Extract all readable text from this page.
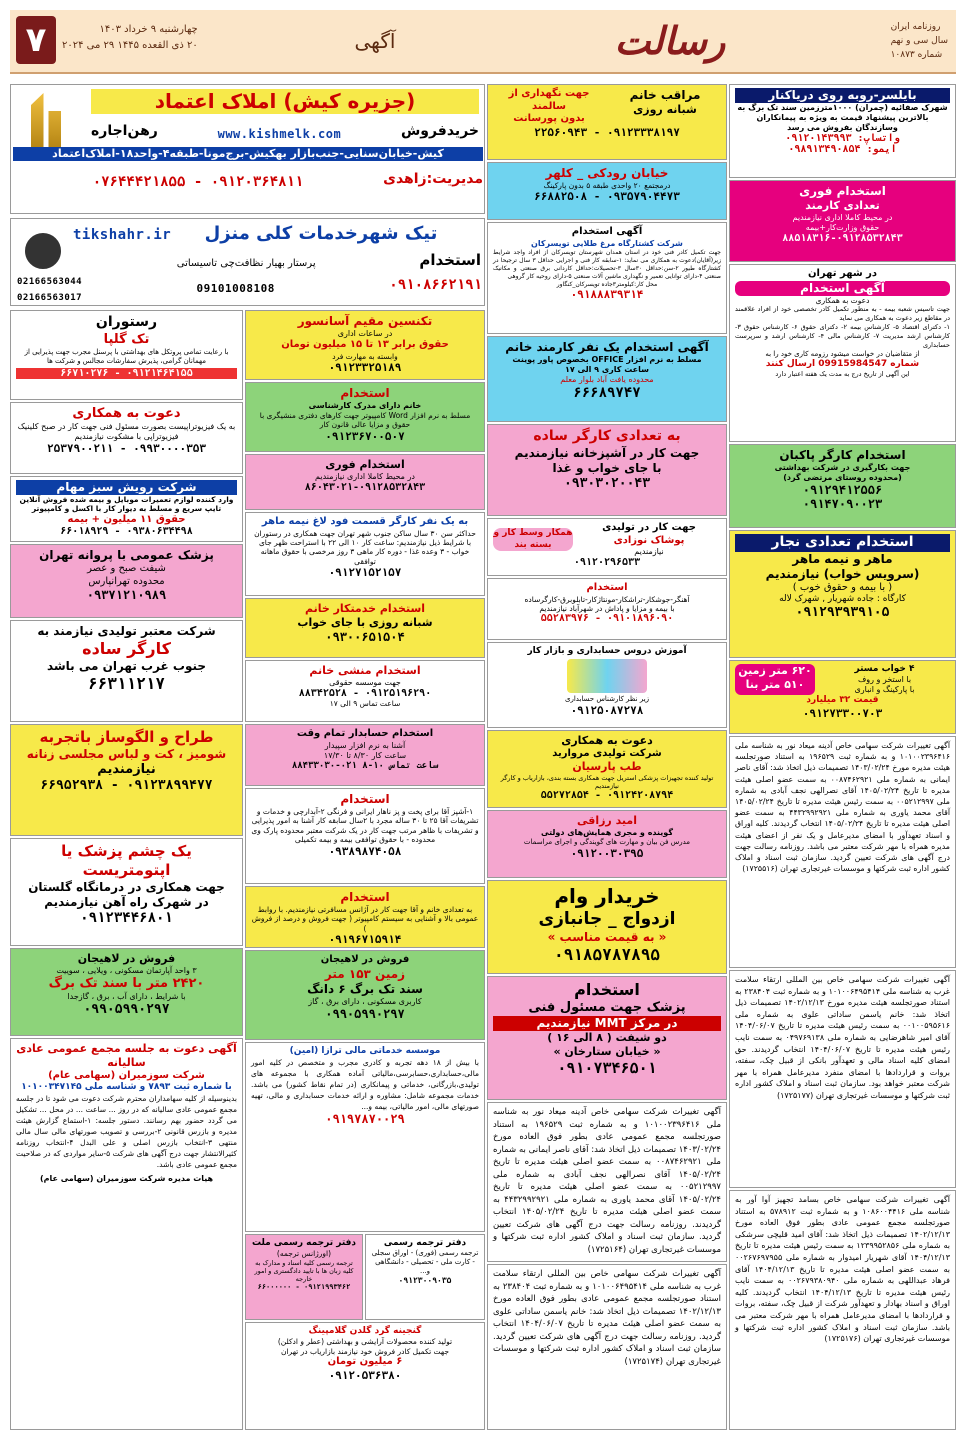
۷	چهارشنبه ۹ خرداد ۱۴۰۳
۲۰ ذی القعده ۱۴۴۵ ۲۹ می ۲۰۲۴	آگهی	رسالت	روزنامه ایران
سال سی و نهم
شماره ۱۰۸۷۳
رستوران
تک گلپا
با رعایت تمامی پروتکل های بهداشتی با پرسنل مجرب جهت پذیرایی از مهمانان گرامی، پذیرش سفارشات مجالس و شرکت ها
۰۹۱۲۱۴۶۴۱۵۵ - ۶۶۷۱۰۲۷۶
دعوت به همکاری
به یک فیزیوتراپیست بصورت مسئول فنی جهت کار در صبح کلینیک فیزیوتراپی با مشکوت نیازمندیم
۰۹۹۳۰۰۰۰۳۵۳ - ۲۵۳۷۹۰۰۲۱۱
شرکت رویش سبز مهام
وارد کننده لوازم تعمیرات موبایل و بیمه شده فروش آنلاین تایپ سریع و مسلط به دیوار کار با اکسل و کامپیوتر
حقوق ۱۱ میلیون + بیمه
۰۹۳۸۰۶۳۴۴۹۸ - ۶۶۰۱۸۹۲۹
پزشک عمومی با پروانه تهران
شیفت صبح و عصر
محدوده تهرانپارس
۰۹۳۷۱۲۱۰۹۸۹
شرکت معتبر تولیدی نیازمند به
کارگر ساده
جنوب غرب تهران می باشد
۶۶۳۱۱۲۱۷
طراح و الگوساز باتجربه
شومیز ، کت و لباس مجلسی زنانه
نیازمندیم
۰۹۱۲۳۸۹۹۴۷۷ - ۶۶۹۵۲۹۳۸
یک چشم پزشک یا اپتومتریست
جهت همکاری در درمانگاه گلستان
در شهرک راه آهن نیازمندیم
۰۹۱۲۳۴۴۶۸۰۱
فروش در لاهیجان
۳ واحد آپارتمان مسکونی ، ویلایی ، سوییت
۲۴۲۰ متر با سند تک برگ
با شرایط ، دارای آب ، برق ، گازجدا
۰۹۹۰۵۹۹۰۲۹۷
آگهی دعوت به جلسه مجمع عمومی عادی سالیانه
شرکت سوزمیران (سهامی عام)
با شماره ثبت ۷۸۹۳ و شناسه ملی ۱۰۱۰۰۳۴۷۱۴۵
بدینوسیله از کلیه سهامداران محترم شرکت دعوت می شود تا در جلسه مجمع عمومی عادی سالیانه که در روز ... ساعت ... در محل ... تشکیل می گردد حضور بهم رسانند. دستور جلسه: ۱-استماع گزارش هیئت مدیره و بازرس قانونی ۲-بررسی و تصویب صورتهای مالی سال مالی منتهی ۳-انتخاب بازرس اصلی و علی البدل ۴-انتخاب روزنامه کثیرالانتشار جهت درج آگهی های شرکت ۵-سایر مواردی که در صلاحیت مجمع عمومی عادی باشد.
هیات مدیره شرکت سوزمیران (سهامی عام)
تکنسین مقیم آسانسور
در ساعات اداری
حقوق برابر ۱۳ تا ۱۵ میلیون تومان
وابسته به مهارت فرد
۰۹۱۲۳۳۲۵۱۸۹
استخدام
خانم دارای مدرک کارشناسی
مسلط به نرم افزار Word کامپیوتر جهت کارهای دفتری منشیگری با حقوق و مزایا عالی قانون کار
۰۹۱۲۳۶۷۰۰۵۰۷
استخدام فوری
در محیط کاملا اداری نیازمندیم
۸۶۰۴۳۰۲۱-۰۹۱۲۸۵۳۲۸۴۳
به یک نفر کارگر قسمت فود لاغ نیمه ماهر
حداکثر سن ۳۰ سال ساکن جنوب شهر تهران جهت همکاری در رستوران با شرایط ذیل نیازمندیم: ساعت کار ۱۰ الی ۲۲ با استراحت ظهر جای خواب - ۳ وعده غذا - دوره کار ماهی ۳ روز مرخصی با حقوق ماهانه توافقی
۰۹۱۲۷۱۵۲۱۵۷
استخدام خدمتکار خانم
شبانه روزی با جای خواب
۰۹۳۰۰۶۵۱۵۰۴
استخدام منشی خانم
جهت موسسه حقوقی
۰۹۱۲۵۱۹۶۲۹۰ - ۸۸۳۴۲۵۲۸
ساعت تماس ۹ الی ۱۷
استخدام حسابدار تمام وقت
آشنا به نرم افزار سپیدار
ساعت کار ۸/۳۰ تا ۱۷/۳۰
ساعت تماس ۱۰-۸ ۰۲۱-۸۸۴۳۳۰۳۰
استخدام
۱-آشپز آقا برای پخت و پز ناهار ایرانی و فرنگی ۲-آبدارچی و خدمات و تشریفات آقا ۲۵ تا ۳۰ ساله مجرد با ۲سال سابقه کار آشنا به امور پذیرایی و تشریفات با ظاهر مرتب جهت کار در یک شرکت معتبر محدوده پارک وی محدوده - با حقوق توافقی بیمه و بیمه تکمیلی
۰۹۳۸۹۸۷۴۰۵۸
استخدام
به تعدادی خانم و آقا جهت کار در آژانس مسافرتی نیازمندیم. با روابط عمومی بالا و آشنایی به سیستم کامپیوتر ( جهت فروش و درصد از فروش )
۰۹۱۹۶۷۱۵۹۱۴
فروش در لاهیجان
زمین ۱۵۳ متر
سند تک برگ ۶ دانگ
کاربری مسکونی ، دارای برق ، گاز
۰۹۹۰۵۹۹۰۲۹۷
موسسه خدماتی مالی ترازا (امین)
با بیش از ۱۸ دهه تجربه و کادری مجرب و متخصص در کلیه امور مالی،حسابداری،حسابرسی،مالیاتی آماده همکاری با مجموعه های تولیدی،بازرگانی، خدماتی و پیمانکاری (در تمام نقاط کشور) می باشد. خدمات مجموعه شامل: مشاوره و ارائه خدمات حسابداری و مالی، تهیه صورتهای مالی، امور مالیاتی، بیمه و...
۰۹۱۹۷۸۷۰۰۲۹
دفتر ترجمه رسمی ملت
(اورژانس ترجمه)
ترجمه رسمی کلیه اسناد و مدارک به کلیه زبان ها با تایید دادگستری و امور خارجه
۰۹۱۲۱۹۹۳۴۶۲ - ۶۶۰۰۰۰۰۰
دفتر ترجمه رسمی
ترجمه رسمی (فوری) - اوراق سجلی - کارت ملی - تحصیلی - دانشگاهی و...
۰۹۱۲۳۰۰۹۰۳۵
گنجینه گرد گلدن گلامپینگ
تولید کننده محصولات آرایشی و بهداشتی (عطر و ادکلن)
جهت تکمیل کادر فروش خود نیازمند بازاریاب در تهران
۶ میلیون تومان
۰۹۱۲۰۵۳۶۳۸۰
(جزیره کیش) املاک اعتماد
خریدفروش
www.kishmelk.com
رهن‌اجاره
کیش-خیابان‌سنایی-جنب‌بازار بهکیش-برج‌مونا-طبقه۴-واحد۱۸-املاک‌اعتماد
مدیریت:زاهدی
۰۹۱۲۰۳۶۴۸۱۱ - ۰۷۶۴۴۴۲۱۸۵۵
تیک شهرخدمات کلی منزل
tikshahr.ir
استخدام
پرستار بهیار نظافت‌چی تاسیساتی
۰۹۱۰۸۶۶۲۱۹۱
09101008108
02166563044
02166563017
مراقب خانم
شبانه روزی
جهت نگهداری از سالمند
بدون پورسانت
۰۹۱۲۳۳۳۸۱۹۷ - ۲۲۵۶۰۹۴۳
خیابان رودکی _ کلهر
درمجتمع ۲۰ واحدی طبقه ۵ بدون پارکینگ
۰۹۳۵۷۹۰۴۴۷۳ - ۶۶۸۸۲۵۰۸
آگهی استخدام
شرکت کشتارگاه مرغ طلایی تویسرکان
جهت تکمیل کادر فنی خود در استان همدان شهرستان تویسرکان از افراد واجد شرایط زیر(آقایان)دعوت به همکاری می نماید: ۱-سابقه کار فنی و اجرایی حداقل ۳ سال ترجیحا در کشتارگاه طیور ۲-سن:حداقل ۳۰سال ۳-تحصیلات:حداقل کاردانی برق صنعتی و مکانیک صنعتی ۴-دارای توانایی تعمیر و نگهداری ماشین آلات صنعتی ۵-دارای روحیه کار گروهی
محل کار:کیلومتر۳جاده تویسرکان_کنگاور
۰۹۱۸۸۸۳۹۳۱۴
آگهی استخدام یک نفر کارمند خانم
مسلط به نرم افزار OFFICE بخصوص پاور پوینت
ساعت کاری ۹ الی ۱۷
محدوده یافت آباد بلوار معلم
۶۶۶۸۹۷۴۷
به تعدادی کارگر ساده
جهت کار در آشپزخانه نیازمندیم
با جای خواب و غذا
۰۹۳۰۳۰۲۰۰۴۳
جهت کار در تولیدی
پوشاک نوزادی
نیازمندیم
همکار وسط کار و بسته بند
۰۹۱۲۰۲۹۶۵۳۳
استخدام
آهنگر-جوشکار-تراشکار-مونتاژکار-تابلوبرق-کارگرساده
با بیمه و مزایا و پاداش در شهرآباد نیازمندیم
۰۹۱۰۱۸۹۶۰۹۰ - ۵۵۲۸۳۹۷۶
آموزش دروس حسابداری و بازار کار
زیر نظر کارشناس حسابداری
۰۹۱۲۵۰۸۷۲۷۸
دعوت به همکاری
شرکت تولیدی مروارید
طب پارسیان
تولید کننده تجهیزات پزشکی استریل جهت همکاری بسته بندی، بازاریاب و کارگر نیازمندیم
۰۹۱۲۴۲۰۸۷۹۴ - ۵۵۲۷۲۸۵۴
امید رزاقی
گوینده و مجری همایش‌های دولتی
مدرس فن بیان و مهارت های گویندگی و اجرای مراسمات
۰۹۱۲۰۰۳۰۳۹۵
خریدار وام
ازدواج _ جانبازی
« به قیمت مناسب »
۰۹۱۸۵۷۸۷۸۹۵
استخدام
پزشک جهت مسئول فنی
در مرکز MMT نیازمندیم
دو شیفت ( ۸ الی ۱۶ )
« خیابان ستارخان »
۰۹۱۰۷۳۴۶۵۰۱
آگهی تغییرات شرکت سهامی خاص آدینه میعاد نور به شناسه ملی ۱۰۱۰۰۲۳۹۶۴۱۶ و به شماره ثبت ۱۹۶۵۲۹ به استناد صورتجلسه مجمع عمومی عادی بطور فوق العاده مورخ ۱۴۰۳/۰۲/۲۴ تصمیمات ذیل اتخاذ شد: آقای ناصر ایمانی به شماره ملی ۰۰۸۷۴۶۲۹۲۱ به سمت عضو اصلی هیئت مدیره تا تاریخ ۱۴۰۵/۰۲/۲۴ آقای نصرالهی نجف آبادی به شماره ملی ۰۰۵۲۱۲۹۹۷ به سمت عضو اصلی هیئت مدیره تا تاریخ ۱۴۰۵/۰۲/۲۴ آقای محمد یاوری به شماره ملی ۴۴۳۲۹۹۲۹۲۱ به سمت عضو اصلی هیئت مدیره تا تاریخ ۱۴۰۵/۰۲/۲۴ انتخاب گردیدند. روزنامه رسالت جهت درج آگهی های شرکت تعیین گردید. سازمان ثبت اسناد و املاک کشور اداره ثبت شرکتها و موسسات غیرتجاری تهران (۱۷۲۵۱۶۴)
آگهی تغییرات شرکت سهامی خاص بین المللی ارتقاء سلامت غرب به شناسه ملی ۱۰۱۰۰۶۴۹۵۴۱۴ و به شماره ثبت ۲۳۸۴۰۴ به استناد صورتجلسه مجمع عمومی عادی بطور فوق العاده مورخ ۱۴۰۲/۱۲/۱۳ تصمیمات ذیل اتخاذ شد: خانم یاسمن ساداتی علوی به سمت عضو اصلی هیئت مدیره تا تاریخ ۱۴۰۴/۰۶/۰۷ انتخاب گردید. روزنامه رسالت جهت درج آگهی های شرکت تعیین گردید. سازمان ثبت اسناد و املاک کشور اداره ثبت شرکتها و موسسات غیرتجاری تهران (۱۷۲۵۱۷۴)
بایلسر-روبه روی دریاکنار
شهرک صفائیه (چمران) ۱۰۰۰مترزمین سند تک برگ به بالاترین پیشنهاد قیمت به ویژه به پیمانکاران وسازندگان بفروش می رسد
واتساپ: ۰۹۱۲۰۱۴۳۹۹۳
ایمو: ۰۹۸۹۱۳۴۹۰۸۵۴
استخدام فوری
تعدادی کارمند
در محیط کاملا اداری نیازمندیم
حقوق وزارت‌کار+بیمه
۸۸۵۱۸۳۱۶-۰۹۱۲۸۵۳۲۸۴۳
در شهر تهران
آگهی استخدام
دعوت به همکاری
جهت تاسیس شعبه بیمه - به منظور تکمیل کادر تخصصی خود از افراد علاقمند در مقاطع زیر دعوت به همکاری می نماید
۱- دکترای اقتصاد ۵- کارشناس بیمه ۲- دکترای حقوق ۶- کارشناس حقوق ۳- کارشناس ارشد مدیریت ۷- کارشناس مالی ۴- کارشناس ارشد و سرپرست حسابداری
از متقاضیان در خواست میشود رزومه کاری خود را به
شماره 09915984547 ارسال کنند
این آگهی از تاریخ درج به مدت یک هفته اعتبار دارد
استخدام کارگر پاکبان
جهت بکارگیری در شرکت بهداشتی
(محدوده روستای مرتضی گرد)
۰۹۱۲۹۴۱۲۵۵۶
۰۹۱۴۷۰۹۰۰۲۳
استخدام تعدادی نجار
ماهر و نیمه ماهر
(سرویس خواب) نیازمندیم
( با بیمه و حقوق خوب )
کارگاه : جاده شهریار , شهرک لاله
۰۹۱۲۹۳۹۳۹۱۰۵
۴ خواب مستر
با استخر و روف
با پارکینگ و انباری
۶۲۰ متر زمین
۵۱۰ متر بنا
قیمت ۳۲ میلیارد
۰۹۱۲۷۳۳۰۰۷۰۳
آگهی تغییرات شرکت سهامی خاص آدینه میعاد نور به شناسه ملی ۱۰۱۰۰۲۳۹۶۴۱۶ و به شماره ثبت ۱۹۶۵۲۹ به استناد صورتجلسه هیئت مدیره مورخ ۱۴۰۳/۰۲/۲۴ تصمیمات ذیل اتخاذ شد: آقای ناصر ایمانی به شماره ملی ۰۰۸۷۴۶۲۹۲۱ به سمت عضو اصلی هیئت مدیره تا تاریخ ۱۴۰۵/۰۲/۲۴ آقای نصرالهی نجف آبادی به شماره ملی ۰۰۵۲۱۲۹۹۷ به سمت رئیس هیئت مدیره تا تاریخ ۱۴۰۵/۰۲/۲۴ آقای محمد یاوری به شماره ملی ۴۴۳۲۹۹۲۹۲۱ به سمت عضو اصلی هیئت مدیره تا تاریخ ۱۴۰۵/۰۲/۲۴ انتخاب گردیدند. کلیه اوراق و اسناد تعهدآور با امضای مدیرعامل و یک نفر از اعضای هیئت مدیره همراه با مهر شرکت معتبر می باشد. روزنامه رسالت جهت درج آگهی های شرکت تعیین گردید. سازمان ثبت اسناد و املاک کشور اداره ثبت شرکتها و موسسات غیرتجاری تهران (۱۷۲۵۵۱۶)
آگهی تغییرات شرکت سهامی خاص بین المللی ارتقاء سلامت غرب به شناسه ملی ۱۰۱۰۰۶۴۹۵۴۱۴ و به شماره ثبت ۲۳۸۴۰۴ به استناد صورتجلسه هیئت مدیره مورخ ۱۴۰۲/۱۲/۱۳ تصمیمات ذیل اتخاذ شد: خانم یاسمن ساداتی علوی به شماره ملی ۰۰۱۰۰۵۹۵۶۱۶ به سمت رئیس هیئت مدیره تا تاریخ ۱۴۰۴/۰۶/۰۷ آقای امیر شاهرضایی به شماره ملی ۰۴۹۷۶۹۱۳۸ به سمت نایب رئیس هیئت مدیره تا تاریخ ۱۴۰۴/۰۶/۰۷ انتخاب گردیدند. حق امضای کلیه اسناد مالی و تعهدآور بانکی از قبیل چک، سفته، بروات و قراردادها با امضای منفرد مدیرعامل همراه با مهر شرکت معتبر خواهد بود. سازمان ثبت اسناد و املاک کشور اداره ثبت شرکتها و موسسات غیرتجاری تهران (۱۷۲۵۱۷۷)
آگهی تغییرات شرکت سهامی خاص بسامد تجهیز آوا آور به شناسه ملی ۱۰۸۶۰۰۴۴۱۶ و به شماره ثبت ۵۷۸۹۱۲ به استناد صورتجلسه مجمع عمومی عادی بطور فوق العاده مورخ ۱۴۰۲/۱۲/۱۳ تصمیمات ذیل اتخاذ شد: آقای امید قلیچی سرشکی به شماره ملی ۱۲۳۹۹۵۲۸۵۶ به سمت رئیس هیئت مدیره تا تاریخ ۱۴۰۴/۱۲/۱۳ آقای شهریار امیدوار به شماره ملی ۰۰۲۶۷۶۹۷۹۵۵ به سمت عضو اصلی هیئت مدیره تا تاریخ ۱۴۰۴/۱۲/۱۳ آقای فرهاد عبداللهی به شماره ملی ۰۰۲۶۷۹۳۸۰۹۴۰ به سمت نایب رئیس هیئت مدیره تا تاریخ ۱۴۰۴/۱۲/۱۳ انتخاب گردیدند. کلیه اوراق و اسناد بهادار و تعهدآور شرکت از قبیل چک، سفته، بروات و قراردادها با امضای مدیرعامل همراه با مهر شرکت معتبر می باشد. سازمان ثبت اسناد و املاک کشور اداره ثبت شرکتها و موسسات غیرتجاری تهران (۱۷۲۵۱۷۶)
